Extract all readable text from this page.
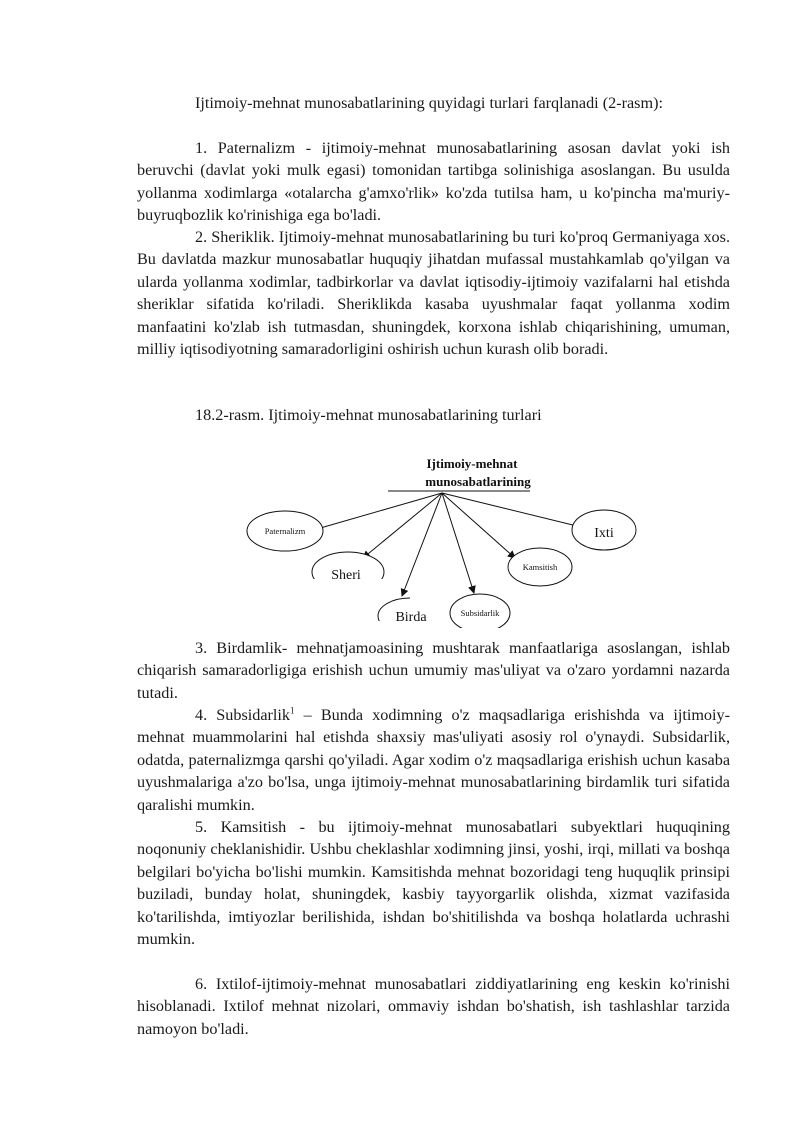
Ijtimoiy-mehnat munosabatlarining quyidagi turlari farqlanadi (2-rasm):

1. Paternalizm - ijtimoiy-mehnat munosabatlarining asosan davlat yoki ish beruvchi (davlat yoki mulk egasi) tomonidan tartibga solinishiga asoslangan. Bu usulda yollanma xodimlarga «otalarcha g'amxo'rlik» ko'zda tutilsa ham, u ko'pincha ma'muriy-buyruqbozlik ko'rinishiga ega bo'ladi.

2. Sheriklik. Ijtimoiy-mehnat munosabatlarining bu turi ko'proq Germaniyaga xos. Bu davlatda mazkur munosabatlar huquqiy jihatdan mufassal mustahkamlab qo'yilgan va ularda yollanma xodimlar, tadbirkorlar va davlat iqtisodiy-ijtimoiy vazifalarni hal etishda sheriklar sifatida ko'riladi. Sheriklikda kasaba uyushmalar faqat yollanma xodim manfaatini ko'zlab ish tutmasdan, shuningdek, korxona ishlab chiqarishining, umuman, milliy iqtisodiyotning samaradorligini oshirish uchun kurash olib boradi.

18.2-rasm. Ijtimoiy-mehnat munosabatlarining turlari

Ijtimoiy-mehnat
munosabatlarining
Paternalizm	Ixti
Sheri
Kamsitish
Birda	Subsidarlik

3. Birdamlik- mehnatjamoasining mushtarak manfaatlariga asoslangan, ishlab chiqarish samaradorligiga erishish uchun umumiy mas'uliyat va o'zaro yordamni nazarda tutadi.

4. Subsidarlik$^1$ – Bunda xodimning o'z maqsadlariga erishishda va ijtimoiy-mehnat muammolarini hal etishda shaxsiy mas'uliyati asosiy rol o'ynaydi. Subsidarlik, odatda, paternalizmga qarshi qo'yiladi. Agar xodim o'z maqsadlariga erishish uchun kasaba uyushmalariga a'zo bo'lsa, unga ijtimoiy-mehnat munosabatlarining birdamlik turi sifatida qaralishi mumkin.

5. Kamsitish - bu ijtimoiy-mehnat munosabatlari subyektlari huquqining noqonuniy cheklanishidir. Ushbu cheklashlar xodimning jinsi, yoshi, irqi, millati va boshqa belgilari bo'yicha bo'lishi mumkin. Kamsitishda mehnat bozoridagi teng huquqlik prinsipi buziladi, bunday holat, shuningdek, kasbiy tayyorgarlik olishda, xizmat vazifasida ko'tarilishda, imtiyozlar berilishida, ishdan bo'shitilishda va boshqa holatlarda uchrashi mumkin.

6. Ixtilof-ijtimoiy-mehnat munosabatlari ziddiyatlarining eng keskin ko'rinishi hisoblanadi. Ixtilof mehnat nizolari, ommaviy ishdan bo'shatish, ish tashlashlar tarzida namoyon bo'ladi.
